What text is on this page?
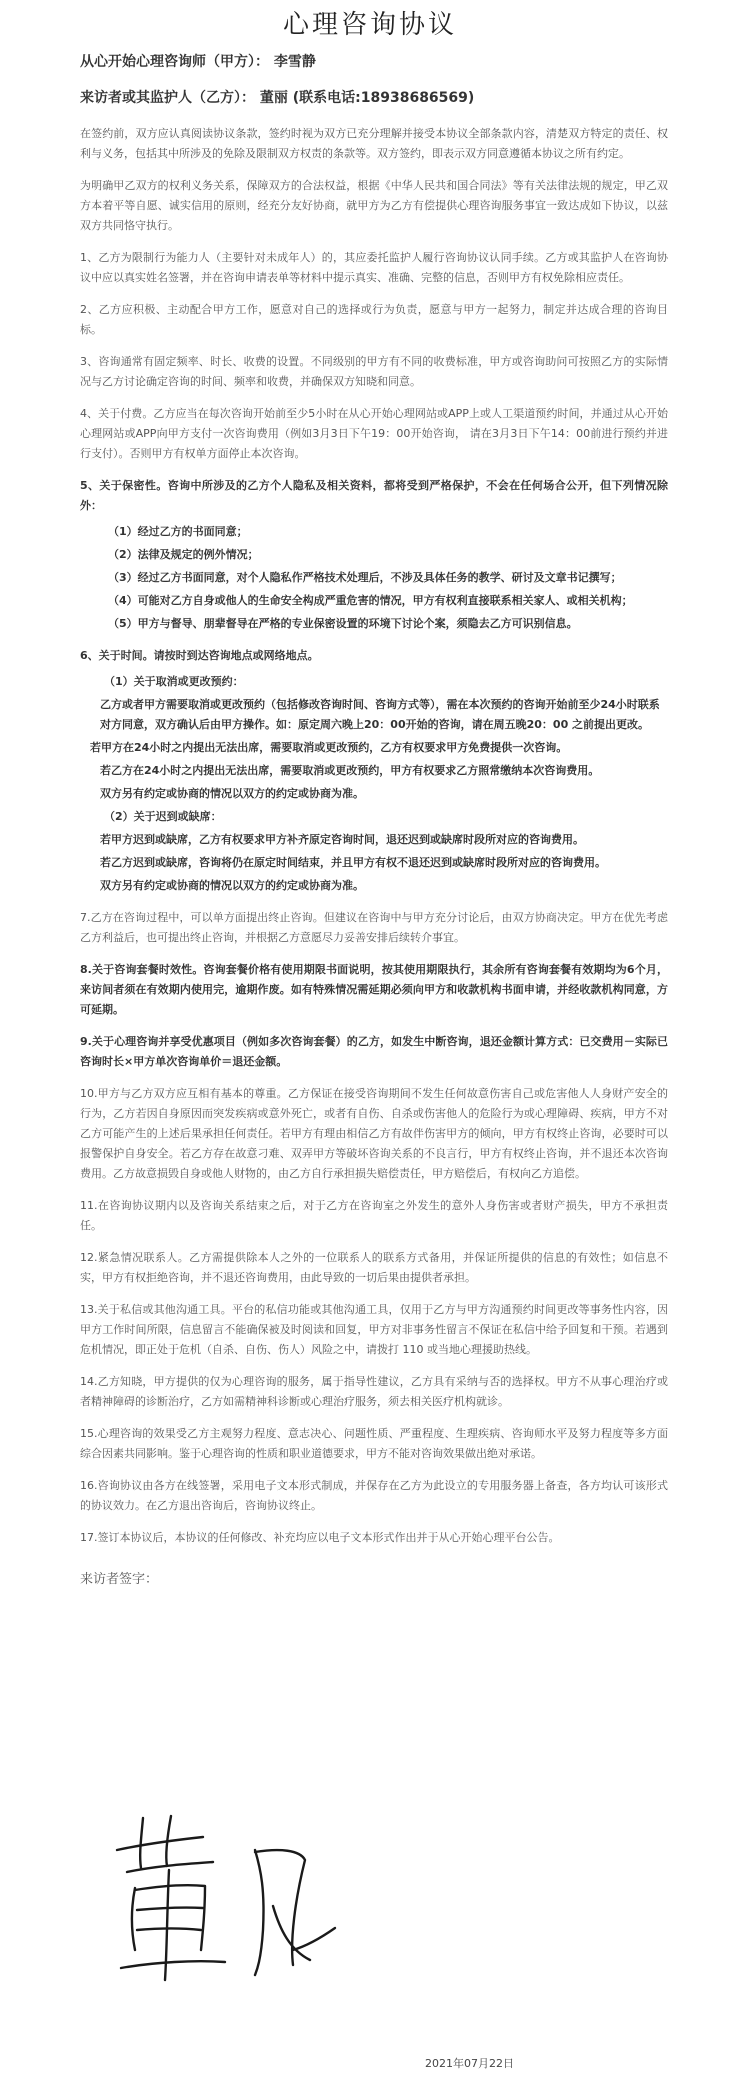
心理咨询协议
从心开始心理咨询师（甲方）： 李雪静
来访者或其监护人（乙方）： 董丽 (联系电话:18938686569)
在签约前，双方应认真阅读协议条款，签约时视为双方已充分理解并接受本协议全部条款内容，清楚双方特定的责任、权利与义务，包括其中所涉及的免除及限制双方权责的条款等。双方签约，即表示双方同意遵循本协议之所有约定。
为明确甲乙双方的权利义务关系，保障双方的合法权益，根据《中华人民共和国合同法》等有关法律法规的规定，甲乙双方本着平等自愿、诚实信用的原则，经充分友好协商，就甲方为乙方有偿提供心理咨询服务事宜一致达成如下协议，以兹双方共同恪守执行。
1、乙方为限制行为能力人（主要针对未成年人）的，其应委托监护人履行咨询协议认同手续。乙方或其监护人在咨询协议中应以真实姓名签署，并在咨询申请表单等材料中提示真实、准确、完整的信息，否则甲方有权免除相应责任。
2、乙方应积极、主动配合甲方工作，愿意对自己的选择或行为负责，愿意与甲方一起努力，制定并达成合理的咨询目标。
3、咨询通常有固定频率、时长、收费的设置。不同级别的甲方有不同的收费标准，甲方或咨询助问可按照乙方的实际情况与乙方讨论确定咨询的时间、频率和收费，并确保双方知晓和同意。
4、关于付费。乙方应当在每次咨询开始前至少5小时在从心开始心理网站或APP上或人工渠道预约时间，并通过从心开始心理网站或APP向甲方支付一次咨询费用（例如3月3日下午19：00开始咨询， 请在3月3日下午14：00前进行预约并进行支付）。否则甲方有权单方面停止本次咨询。
5、关于保密性。咨询中所涉及的乙方个人隐私及相关资料，都将受到严格保护，不会在任何场合公开，但下列情况除外：
（1）经过乙方的书面同意；
（2）法律及规定的例外情况；
（3）经过乙方书面同意，对个人隐私作严格技术处理后，不涉及具体任务的教学、研讨及文章书记撰写；
（4）可能对乙方自身或他人的生命安全构成严重危害的情况，甲方有权利直接联系相关家人、或相关机构；
（5）甲方与督导、朋辈督导在严格的专业保密设置的环境下讨论个案，须隐去乙方可识别信息。
6、关于时间。请按时到达咨询地点或网络地点。
（1）关于取消或更改预约：
乙方或者甲方需要取消或更改预约（包括修改咨询时间、咨询方式等），需在本次预约的咨询开始前至少24小时联系对方同意，双方确认后由甲方操作。如：原定周六晚上20：00开始的咨询，请在周五晚20：00 之前提出更改。
若甲方在24小时之内提出无法出席，需要取消或更改预约，乙方有权要求甲方免费提供一次咨询。
若乙方在24小时之内提出无法出席，需要取消或更改预约，甲方有权要求乙方照常缴纳本次咨询费用。
双方另有约定或协商的情况以双方的约定或协商为准。
（2）关于迟到或缺席：
若甲方迟到或缺席，乙方有权要求甲方补齐原定咨询时间，退还迟到或缺席时段所对应的咨询费用。
若乙方迟到或缺席，咨询将仍在原定时间结束，并且甲方有权不退还迟到或缺席时段所对应的咨询费用。
双方另有约定或协商的情况以双方的约定或协商为准。
7.乙方在咨询过程中，可以单方面提出终止咨询。但建议在咨询中与甲方充分讨论后，由双方协商决定。甲方在优先考虑乙方利益后，也可提出终止咨询，并根据乙方意愿尽力妥善安排后续转介事宜。
8.关于咨询套餐时效性。咨询套餐价格有使用期限书面说明，按其使用期限执行，其余所有咨询套餐有效期均为6个月，来访间者须在有效期内使用完，逾期作废。如有特殊情况需延期必须向甲方和收款机构书面申请，并经收款机构同意，方可延期。
9.关于心理咨询并享受优惠项目（例如多次咨询套餐）的乙方，如发生中断咨询，退还金额计算方式：已交费用－实际已咨询时长×甲方单次咨询单价＝退还金额。
10.甲方与乙方双方应互相有基本的尊重。乙方保证在接受咨询期间不发生任何故意伤害自己或危害他人人身财产安全的行为，乙方若因自身原因而突发疾病或意外死亡，或者有自伤、自杀或伤害他人的危险行为或心理障碍、疾病，甲方不对乙方可能产生的上述后果承担任何责任。若甲方有理由相信乙方有故伴伤害甲方的倾向，甲方有权终止咨询，必要时可以报警保护自身安全。若乙方存在故意刁难、双弄甲方等破坏咨询关系的不良言行，甲方有权终止咨询，并不退还本次咨询费用。乙方故意损毁自身或他人财物的，由乙方自行承担损失赔偿责任，甲方赔偿后，有权向乙方追偿。
11.在咨询协议期内以及咨询关系结束之后，对于乙方在咨询室之外发生的意外人身伤害或者财产损失，甲方不承担责任。
12.紧急情况联系人。乙方需提供除本人之外的一位联系人的联系方式备用，并保证所提供的信息的有效性；如信息不实，甲方有权拒绝咨询，并不退还咨询费用，由此导致的一切后果由提供者承担。
13.关于私信或其他沟通工具。平台的私信功能或其他沟通工具，仅用于乙方与甲方沟通预约时间更改等事务性内容，因甲方工作时间所限，信息留言不能确保被及时阅读和回复，甲方对非事务性留言不保证在私信中给予回复和干预。若遇到危机情况，即正处于危机（自杀、自伤、伤人）风险之中，请拨打 110 或当地心理援助热线。
14.乙方知晓，甲方提供的仅为心理咨询的服务，属于指导性建议，乙方具有采纳与否的选择权。甲方不从事心理治疗或者精神障碍的诊断治疗，乙方如需精神科诊断或心理治疗服务，须去相关医疗机构就诊。
15.心理咨询的效果受乙方主观努力程度、意志决心、问题性质、严重程度、生理疾病、咨询师水平及努力程度等多方面综合因素共同影响。鉴于心理咨询的性质和职业道德要求，甲方不能对咨询效果做出绝对承诺。
16.咨询协议由各方在线签署，采用电子文本形式制成，并保存在乙方为此设立的专用服务器上备查，各方均认可该形式的协议效力。在乙方退出咨询后，咨询协议终止。
17.签订本协议后，本协议的任何修改、补充均应以电子文本形式作出并于从心开始心理平台公告。
来访者签字：
2021年07月22日
